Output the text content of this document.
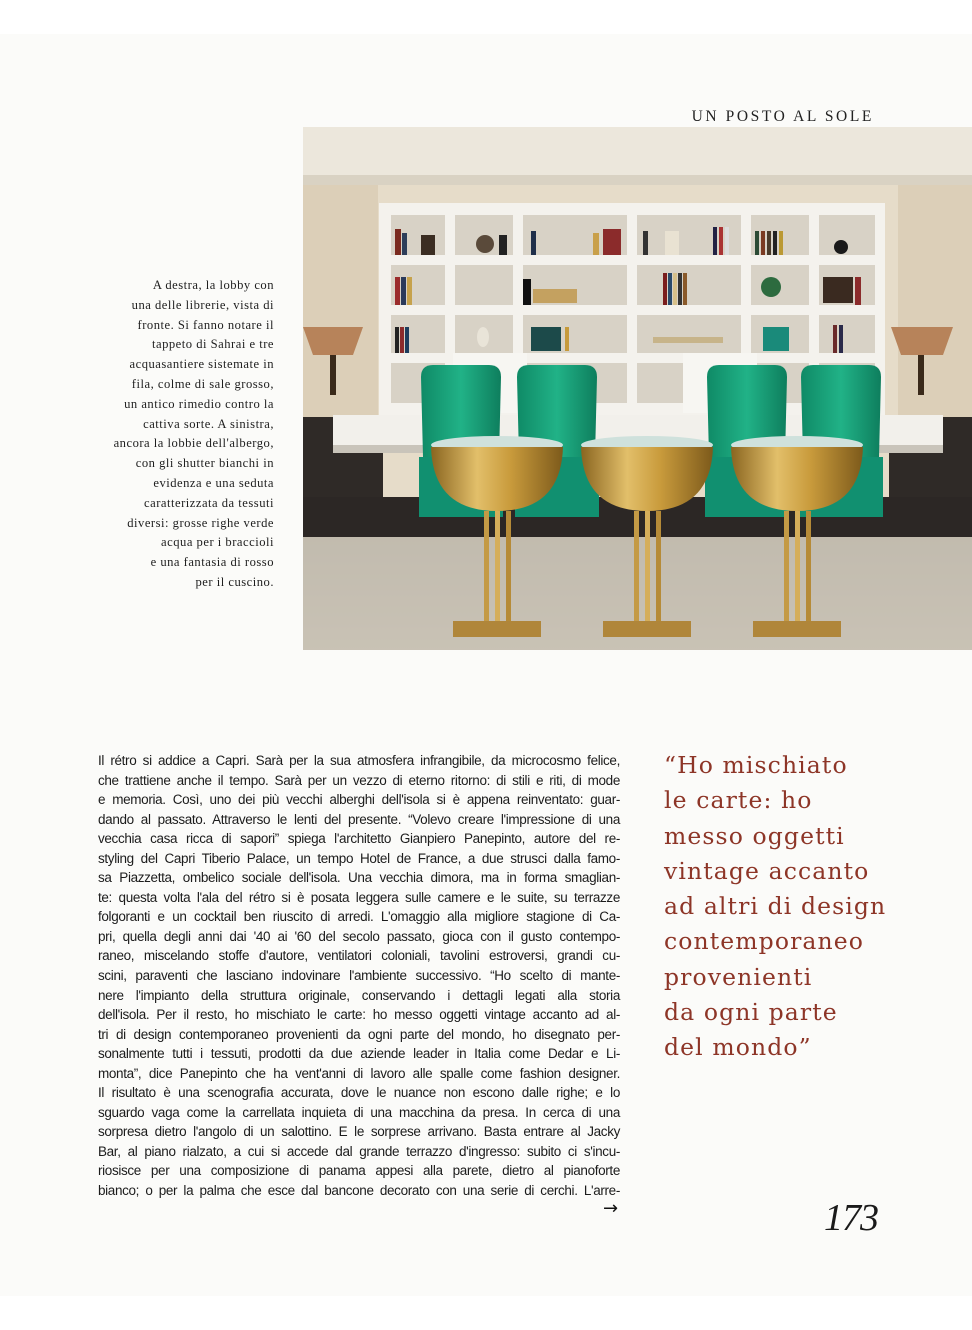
UN POSTO AL SOLE
A destra, la lobby con
una delle librerie, vista di
fronte. Si fanno notare il
tappeto di Sahrai e tre
acquasantiere sistemate in
fila, colme di sale grosso,
un antico rimedio contro la
cattiva sorte. A sinistra,
ancora la lobbie dell'albergo,
con gli shutter bianchi in
evidenza e una seduta
caratterizzata da tessuti
diversi: grosse righe verde
acqua per i braccioli
e una fantasia di rosso
per il cuscino.
Il rétro si addice a Capri. Sarà per la sua atmosfera infrangibile, da microcosmo felice,
che trattiene anche il tempo. Sarà per un vezzo di eterno ritorno: di stili e riti, di mode
e memoria. Così, uno dei più vecchi alberghi dell'isola si è appena reinventato: guar-
dando al passato. Attraverso le lenti del presente. “Volevo creare l'impressione di una
vecchia casa ricca di sapori” spiega l'architetto Gianpiero Panepinto, autore del re-
styling del Capri Tiberio Palace, un tempo Hotel de France, a due strusci dalla famo-
sa Piazzetta, ombelico sociale dell'isola. Una vecchia dimora, ma in forma smaglian-
te: questa volta l'ala del rétro si è posata leggera sulle camere e le suite, su terrazze
folgoranti e un cocktail ben riuscito di arredi. L'omaggio alla migliore stagione di Ca-
pri, quella degli anni dai '40 ai '60 del secolo passato, gioca con il gusto contempo-
raneo, miscelando stoffe d'autore, ventilatori coloniali, tavolini estroversi, grandi cu-
scini, paraventi che lasciano indovinare l'ambiente successivo. “Ho scelto di mante-
nere l'impianto della struttura originale, conservando i dettagli legati alla storia
dell'isola. Per il resto, ho mischiato le carte: ho messo oggetti vintage accanto ad al-
tri di design contemporaneo provenienti da ogni parte del mondo, ho disegnato per-
sonalmente tutti i tessuti, prodotti da due aziende leader in Italia come Dedar e Li-
monta”, dice Panepinto che ha vent'anni di lavoro alle spalle come fashion designer.
Il risultato è una scenografia accurata, dove le nuance non escono dalle righe; e lo
sguardo vaga come la carrellata inquieta di una macchina da presa. In cerca di una
sorpresa dietro l'angolo di un salottino. E le sorprese arrivano. Basta entrare al Jacky
Bar, al piano rialzato, a cui si accede dal grande terrazzo d'ingresso: subito ci s'incu-
riosisce per una composizione di panama appesi alla parete, dietro al pianoforte
bianco; o per la palma che esce dal bancone decorato con una serie di cerchi. L'arre-
→
“Ho mischiato
le carte: ho
messo oggetti
vintage accanto
ad altri di design
contemporaneo
provenienti
da ogni parte
del mondo”
173
